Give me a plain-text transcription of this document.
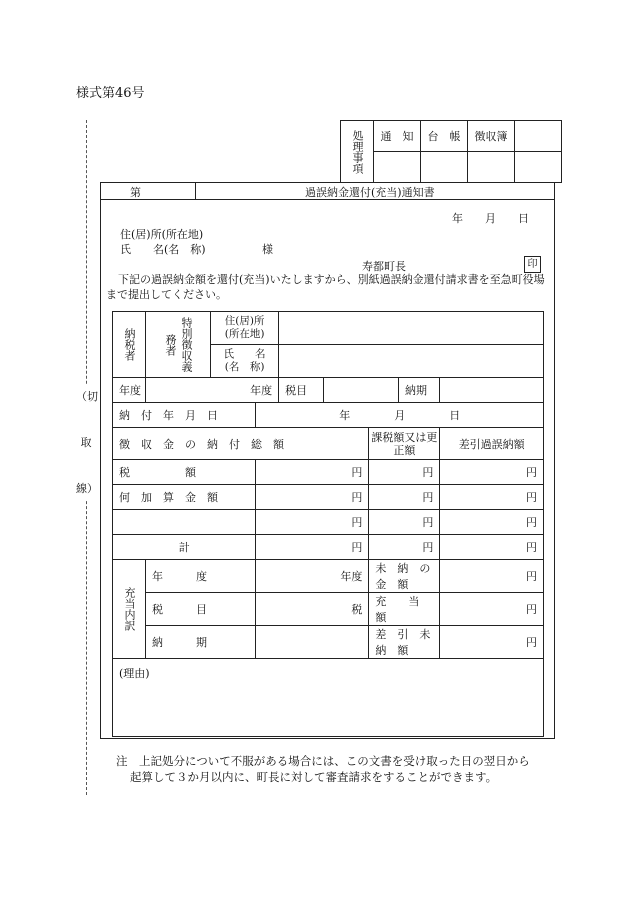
様式第46号
（切
取
線）
処理事項	通　知	台　帳	徴収簿	

第	過誤納金還付(充当)通知書
年　　月　　日
住(居)所(所在地)
氏　　名(名　称)	様
寿都町長	印
下記の過誤納金額を還付(充当)いたしますから、別紙過誤納金還付請求書を至急町役場まで提出してください。
納税者	特別徴収義務者	住(居)所
(所在地)						

		氏　　名
(名　称)						

年度	年度			税目			納期	
納　付　年　月　日			年　　　　月　　　　日					
徴　収　金　の　納　付　総　額						課税額又は更正額		差引過誤納額
税　　　　　額			円			円		円
何　加　算　金　額			円			円		円
			円			円		円
計			円			円		円
充当内訳	年　　　度		年度			未　納　の　金　額		円
	税　　　目		税			充　　当　　額		円
	納　　　期					差　引　未　納　額		円
(理由)								
注　上記処分について不服がある場合には、この文書を受け取った日の翌日から
起算して３か月以内に、町長に対して審査請求をすることができます。
